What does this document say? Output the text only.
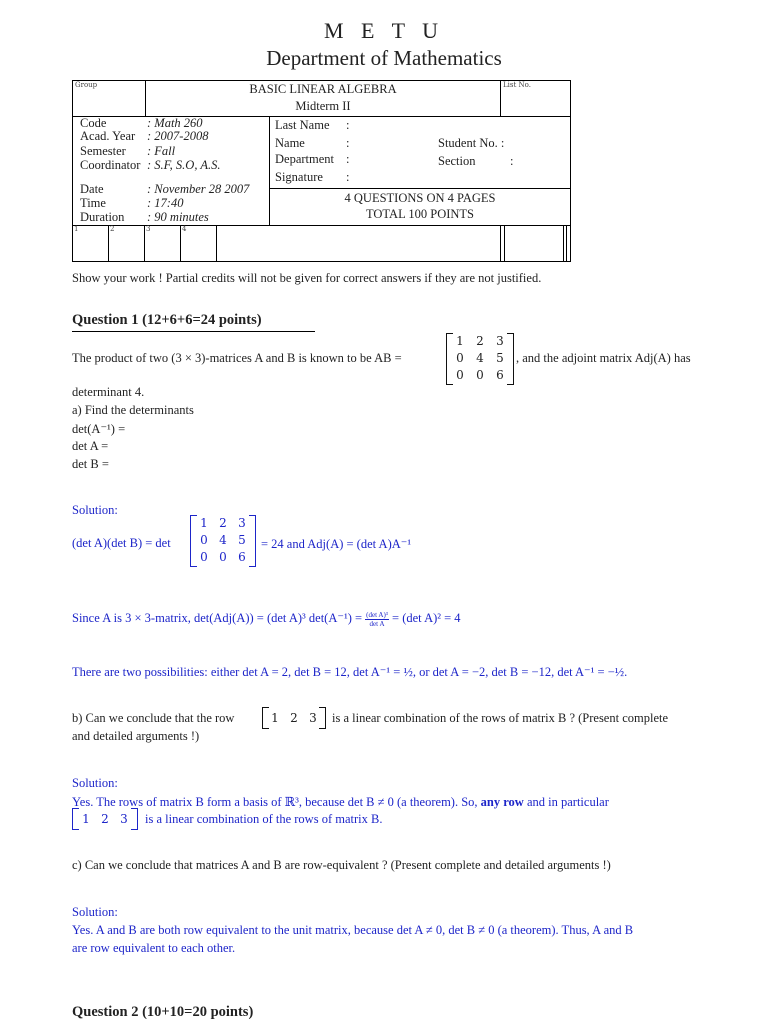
M E T U
Department of Mathematics
Group	List No.
BASIC LINEAR ALGEBRA
Midterm II
Code	: Math 260
Acad. Year : 2007-2008
Semester : Fall
Coordinator : S.F, S.O, A.S.
Date	: November 28 2007
Time	: 17:40
Duration : 90 minutes
Last Name :
Name	:
Department :
Signature :
Student No. :
Section	:
4 QUESTIONS ON 4 PAGES
TOTAL 100 POINTS
1	2	3	4
Show your work ! Partial credits will not be given for correct answers if they are not justified.
Question 1 (12+6+6=24 points)
The product of two (3 × 3)-matrices A and B is known to be AB =
1	2	3
0	4	5
0	0	6
, and the adjoint matrix Adj(A) has
determinant 4.
a) Find the determinants
det(A⁻¹) =
det A =
det B =
Solution:
(det A)(det B) = det
1 2 3
0 4 5
0 0 6
= 24 and Adj(A) = (det A)A⁻¹
Since A is 3 × 3-matrix, det(Adj(A)) = (det A)³ $\det(A^{-1}) = \frac{\text{(det A)³}}{\text{det A}} = (\det$ A)² = 4
There are two possibilities: either det A = 2, det B = 12, det A⁻¹ = ½, or det A = −2, det B = −12, det A⁻¹ = −½.
b) Can we conclude that the row	1 2 3	is a linear combination of the rows of matrix B ? (Present complete
and detailed arguments !)
Solution:
Yes. The rows of matrix B form a basis of ℝ³, because det B ≠ 0 (a theorem). So, any row and in particular
1 2 3	is a linear combination of the rows of matrix B.
c) Can we conclude that matrices A and B are row-equivalent ? (Present complete and detailed arguments !)
Solution:
Yes. A and B are both row equivalent to the unit matrix, because det A ≠ 0, det B ≠ 0 (a theorem). Thus, A and B
are row equivalent to each other.
Question 2 (10+10=20 points)
